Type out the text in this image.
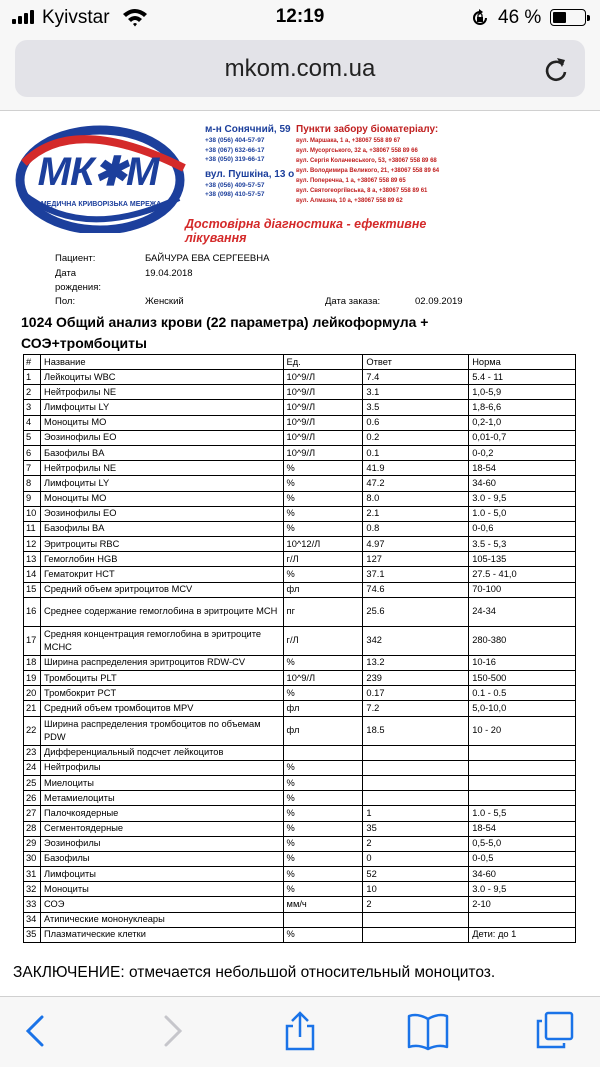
Kyivstar	12:19	46 %
mkom.com.ua
МК✱М
МЕДИЧНА КРИВОРІЗЬКА МЕРЕЖА
м-н Сонячний, 59
+38 (056) 404-57-97
+38 (067) 632-66-17
+38 (050) 319-66-17
вул. Пушкіна, 13 о
+38 (056) 409-57-57
+38 (098) 410-57-57
Пункти забору біоматеріалу:
вул. Маршака, 1 а, +38067 558 89 67
вул. Мусоргського, 32 а, +38067 558 89 66
вул. Сергія Колачевського, 53, +38067 558 89 68
вул. Володимира Великого, 21, +38067 558 89 64
вул. Поперечна, 1 а, +38067 558 89 65
вул. Святогеоргіївська, 8 а, +38067 558 89 61
вул. Алмазна, 10 а, +38067 558 89 62
Достовірна діагностика - ефективне лікування
Пациент:	БАЙЧУРА ЕВА СЕРГЕЕВНА
Дата
рождения:
19.04.2018
Пол:	Женский	Дата заказа:	02.09.2019
1024 Общий анализ крови (22 параметра) лейкоформула + СОЭ+тромбоциты
#	Название	Ед.	Ответ	Норма
1	Лейкоциты WBC	10^9/Л	7.4	5.4 - 11
2	Нейтрофилы NE	10^9/Л	3.1	1,0-5,9
3	Лимфоциты LY	10^9/Л	3.5	1,8-6,6
4	Моноциты MO	10^9/Л	0.6	0,2-1,0
5	Эозинофилы EO	10^9/Л	0.2	0,01-0,7
6	Базофилы BA	10^9/Л	0.1	0-0,2
7	Нейтрофилы NE	%	41.9	18-54
8	Лимфоциты LY	%	47.2	34-60
9	Моноциты MO	%	8.0	3.0 - 9,5
10	Эозинофилы EO	%	2.1	1.0 - 5,0
11	Базофилы BA	%	0.8	0-0,6
12	Эритроциты RBC	10^12/Л	4.97	3.5 - 5,3
13	Гемоглобин HGB	г/Л	127	105-135
14	Гематокрит HCT	%	37.1	27.5 - 41,0
15	Средний объем эритроцитов MCV	фл	74.6	70-100
16	Среднее содержание гемоглобина в эритроците MCH	пг	25.6	24-34
17	Средняя концентрация гемоглобина в эритроците MCHC	г/Л	342	280-380
18	Ширина распределения эритроцитов RDW-CV	%	13.2	10-16
19	Тромбоциты PLT	10^9/Л	239	150-500
20	Тромбокрит PCT	%	0.17	0.1 - 0.5
21	Средний объем тромбоцитов MPV	фл	7.2	5,0-10,0
22	Ширина распределения тромбоцитов по объемам PDW	фл	18.5	10 - 20
23	Дифференциальный подсчет лейкоцитов			
24	Нейтрофилы	%		
25	Миелоциты	%		
26	Метамиелоциты	%		
27	Палочкоядерные	%	1	1.0 - 5,5
28	Сегментоядерные	%	35	18-54
29	Эозинофилы	%	2	0,5-5,0
30	Базофилы	%	0	0-0,5
31	Лимфоциты	%	52	34-60
32	Моноциты	%	10	3.0 - 9,5
33	СОЭ	мм/ч	2	2-10
34	Атипические мононуклеары			
35	Плазматические клетки	%		Дети: до 1
ЗАКЛЮЧЕНИЕ: отмечается небольшой относительный моноцитоз.
